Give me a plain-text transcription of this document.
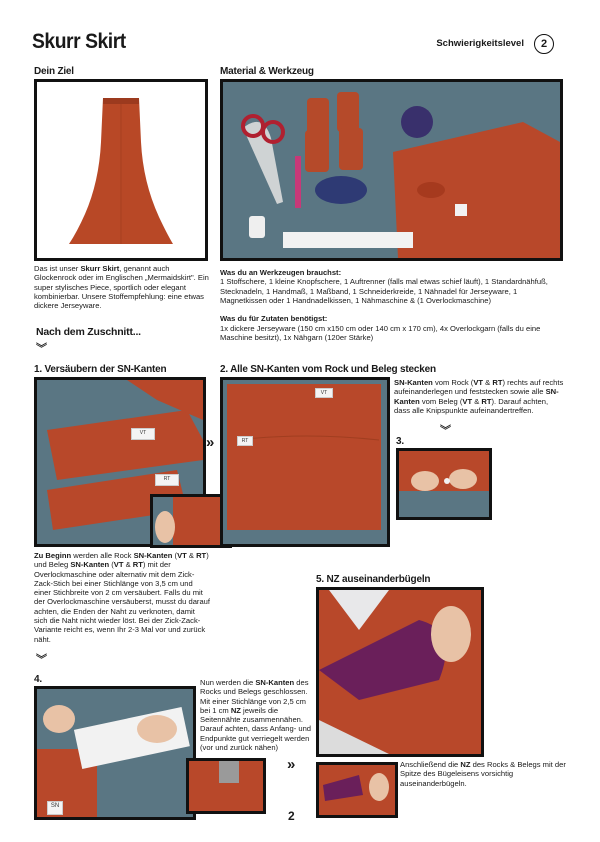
Skurr Skirt	Schwierigkeitslevel	2
Dein Ziel
Das ist unser Skurr Skirt, genannt auch Glockenrock oder im Englischen „Mermaidskirt". Ein super stylisches Piece, sportlich oder elegant kombinierbar. Unsere Stoffempfehlung: eine etwas dickere Jerseyware.
Material & Werkzeug
Was du an Werkzeugen brauchst:
1 Stoffschere, 1 kleine Knopfschere, 1 Auftrenner (falls mal etwas schief läuft), 1 Standardnähfuß, Stecknadeln, 1 Handmaß, 1 Maßband, 1 Schneiderkreide, 1 Nähnadel für Jerseyware, 1 Magnetkissen oder 1 Handnadelkissen, 1 Nähmaschine & (1 Overlockmaschine)

Was du für Zutaten benötigst:
1x dickere Jerseyware (150 cm x150 cm oder 140 cm x 170 cm), 4x Overlockgarn (falls du eine Maschine besitzt), 1x Nähgarn (120er Stärke)
Nach dem Zuschnitt...
︾
1. Versäubern der SN-Kanten
VT
RT
Zu Beginn werden alle Rock SN-Kanten (VT & RT) und Beleg SN-Kanten (VT & RT) mit der Overlockmaschine oder alternativ mit dem Zick-Zack-Stich bei einer Stichlänge von 3,5 cm und einer Stichbreite von 2 cm versäubert. Falls du mit der Overlockmaschine versäuberst, musst du darauf achten, die Enden der Naht zu verknoten, damit sich die Naht nicht wieder löst. Bei der Zick-Zack-Variante reicht es, wenn Ihr 2-3 Mal vor und zurück näht.
︾
»
2. Alle SN-Kanten vom Rock und Beleg stecken
VT
RT
SN-Kanten vom Rock (VT & RT) rechts auf rechts aufeinanderlegen und feststecken sowie alle SN-Kanten vom Beleg (VT & RT). Darauf achten, dass alle Knipspunkte aufeinandertreffen.
︾
3.
5. NZ auseinanderbügeln
»	Anschließend die NZ des Rocks & Belegs mit der Spitze des Bügeleisens vorsichtig auseinanderbügeln.
4.
SN
Nun werden die SN-Kanten des Rocks und Belegs geschlossen. Mit einer Stichlänge von 2,5 cm bei 1 cm NZ jeweils die Seitennähte zusammennähen. Darauf achten, dass Anfang- und Endpunkte gut verriegelt werden (vor und zurück nähen)
2
